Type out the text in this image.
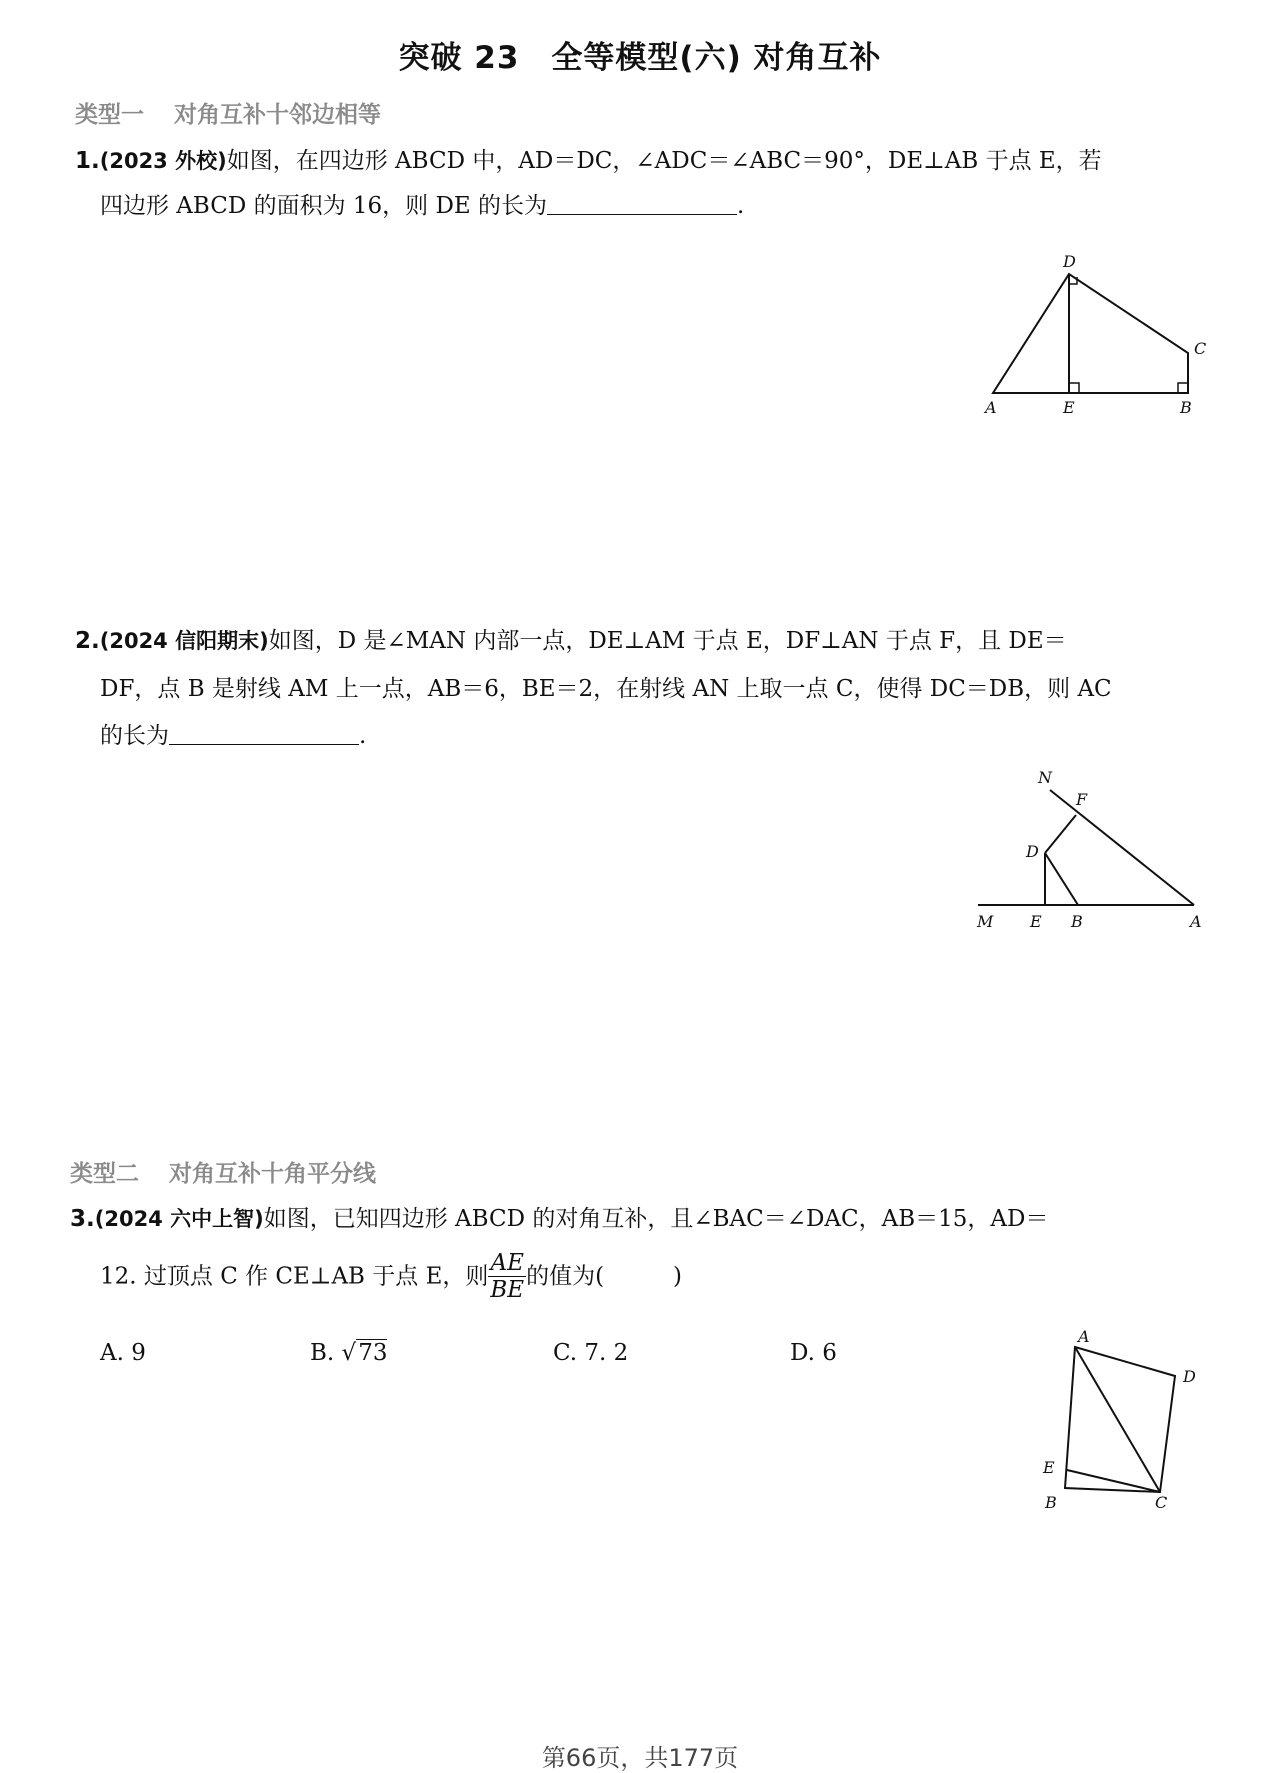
突破 23　全等模型(六) 对角互补
类型一 对角互补十邻边相等
1.(2023 外校)如图，在四边形 ABCD 中，AD＝DC，∠ADC＝∠ABC＝90°，DE⊥AB 于点 E，若
四边形 ABCD 的面积为 16，则 DE 的长为	.
D
C
A	E	B
2.(2024 信阳期末)如图，D 是∠MAN 内部一点，DE⊥AM 于点 E，DF⊥AN 于点 F，且 DE＝
DF，点 B 是射线 AM 上一点，AB＝6，BE＝2，在射线 AN 上取一点 C，使得 DC＝DB，则 AC
的长为	.
N
F
D
M E B	A
类型二 对角互补十角平分线
3.(2024 六中上智)如图，已知四边形 ABCD 的对角互补，且∠BAC＝∠DAC，AB＝15，AD＝
12. 过顶点 C 作 CE⊥AB 于点 E，则 $\frac{AE}{BE}$ 的值为(　　　)
A. 9	B. √73	C. 7. 2	D. 6
A
D
E
B	C
第66页，共177页
